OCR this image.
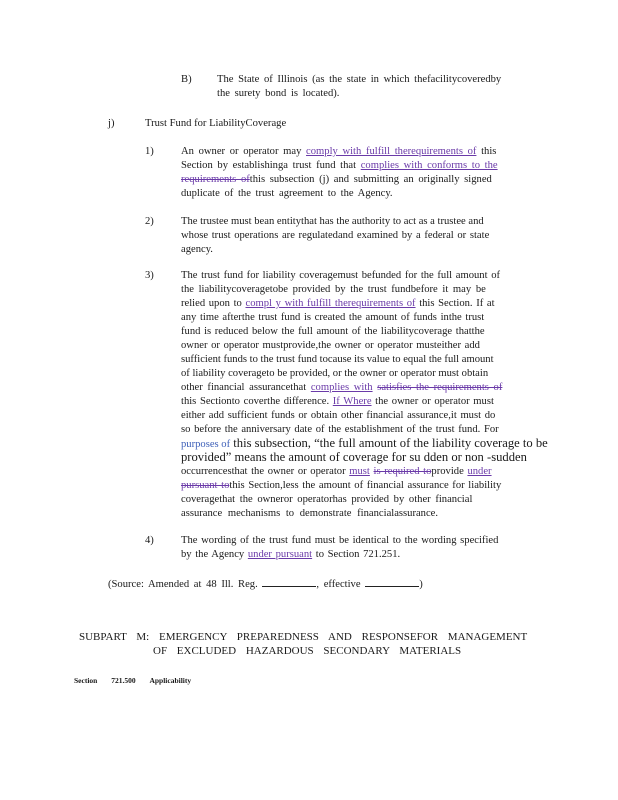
B) The State of Illinois (as the state in which thefacilitycoveredby
the surety bond is located).
j)	Trust Fund for LiabilityCoverage
1)	An owner or operator may comply with fulfill therequirements of this
Section by establishinga trust fund that complies with conforms to the
requirements ofthis subsection (j) and submitting an originally signed
duplicate of the trust agreement to the Agency.
2)	The trustee must bean entitythat has the authority to act as a trustee and
whose trust operations are regulatedand examined by a federal or state
agency.
3)	The trust fund for liability coveragemust befunded for the full amount of
the liabilitycoveragetobe provided by the trust fundbefore it may be
relied upon to compl y with fulfill therequirements of this Section. If at
any time afterthe trust fund is created the amount of funds inthe trust
fund is reduced below the full amount of the liabilitycoverage thatthe
owner or operator mustprovide,the owner or operator musteither add
sufficient funds to the trust fund tocause its value to equal the full amount
of liability coverageto be provided, or the owner or operator must obtain
other financial assurancethat complies with satisfies the requirements of
this Sectionto coverthe difference. If Where the owner or operator must
either add sufficient funds or obtain other financial assurance,it must do
so before the anniversary date of the establishment of the trust fund. For
purposes of this subsection, “the full amount of the liability coverage to be
provided” means the amount of coverage for su dden or non -sudden
occurrencesthat the owner or operator must is required toprovide under
pursuant tothis Section,less the amount of financial assurance for liability
coveragethat the owneror operatorhas provided by other financial
assurance mechanisms to demonstrate financialassurance.
4)	The wording of the trust fund must be identical to the wording specified
by the Agency under pursuant to Section 721.251.
(Source: Amended at 48 Ill. Reg.	, effective	)
SUBPART M: EMERGENCY PREPAREDNESS AND RESPONSEFOR MANAGEMENT
OF EXCLUDED HAZARDOUS SECONDARY MATERIALS
Section 721.500 Applicability
